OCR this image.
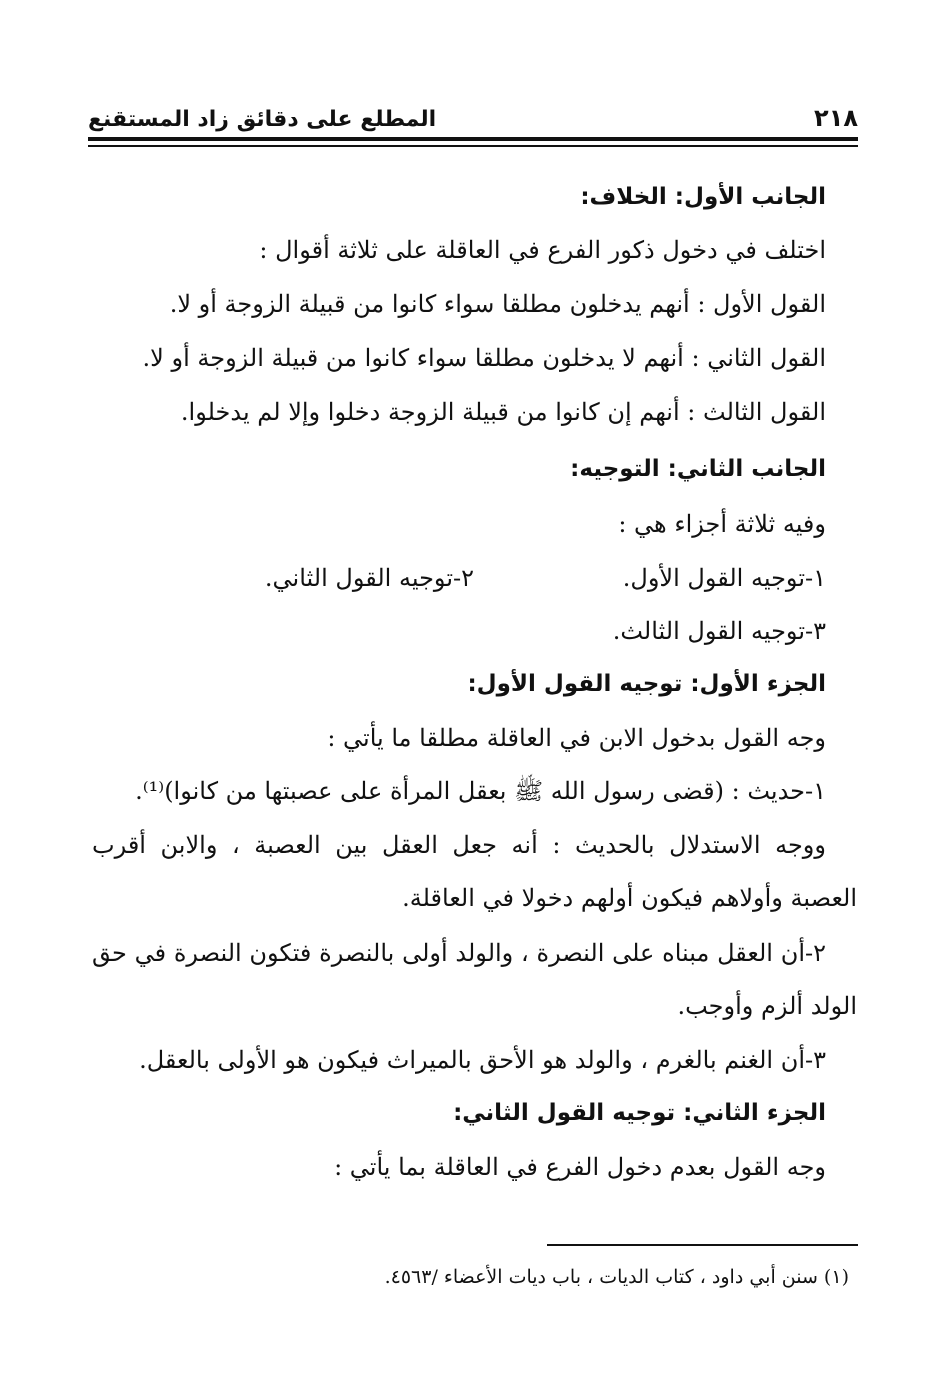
المطلع على دقائق زاد المستقنع	٢١٨
الجانب الأول: الخلاف:
اختلف في دخول ذكور الفرع في العاقلة على ثلاثة أقوال :
القول الأول : أنهم يدخلون مطلقا سواء كانوا من قبيلة الزوجة أو لا.
القول الثاني : أنهم لا يدخلون مطلقا سواء كانوا من قبيلة الزوجة أو لا.
القول الثالث : أنهم إن كانوا من قبيلة الزوجة دخلوا وإلا لم يدخلوا.
الجانب الثاني: التوجيه:
وفيه ثلاثة أجزاء هي :
١-توجيه القول الأول.
٢-توجيه القول الثاني.
٣-توجيه القول الثالث.
الجزء الأول: توجيه القول الأول:
وجه القول بدخول الابن في العاقلة مطلقا ما يأتي :
١-حديث : (قضى رسول الله ﷺ بعقل المرأة على عصبتها من كانوا)⁽¹⁾.
ووجه الاستدلال بالحديث : أنه جعل العقل بين العصبة ، والابن أقرب
العصبة وأولاهم فيكون أولهم دخولا في العاقلة.
٢-أن العقل مبناه على النصرة ، والولد أولى بالنصرة فتكون النصرة في حق
الولد ألزم وأوجب.
٣-أن الغنم بالغرم ، والولد هو الأحق بالميراث فيكون هو الأولى بالعقل.
الجزء الثاني: توجيه القول الثاني:
وجه القول بعدم دخول الفرع في العاقلة بما يأتي :
(١) سنن أبي داود ، كتاب الديات ، باب ديات الأعضاء /٤٥٦٣.
